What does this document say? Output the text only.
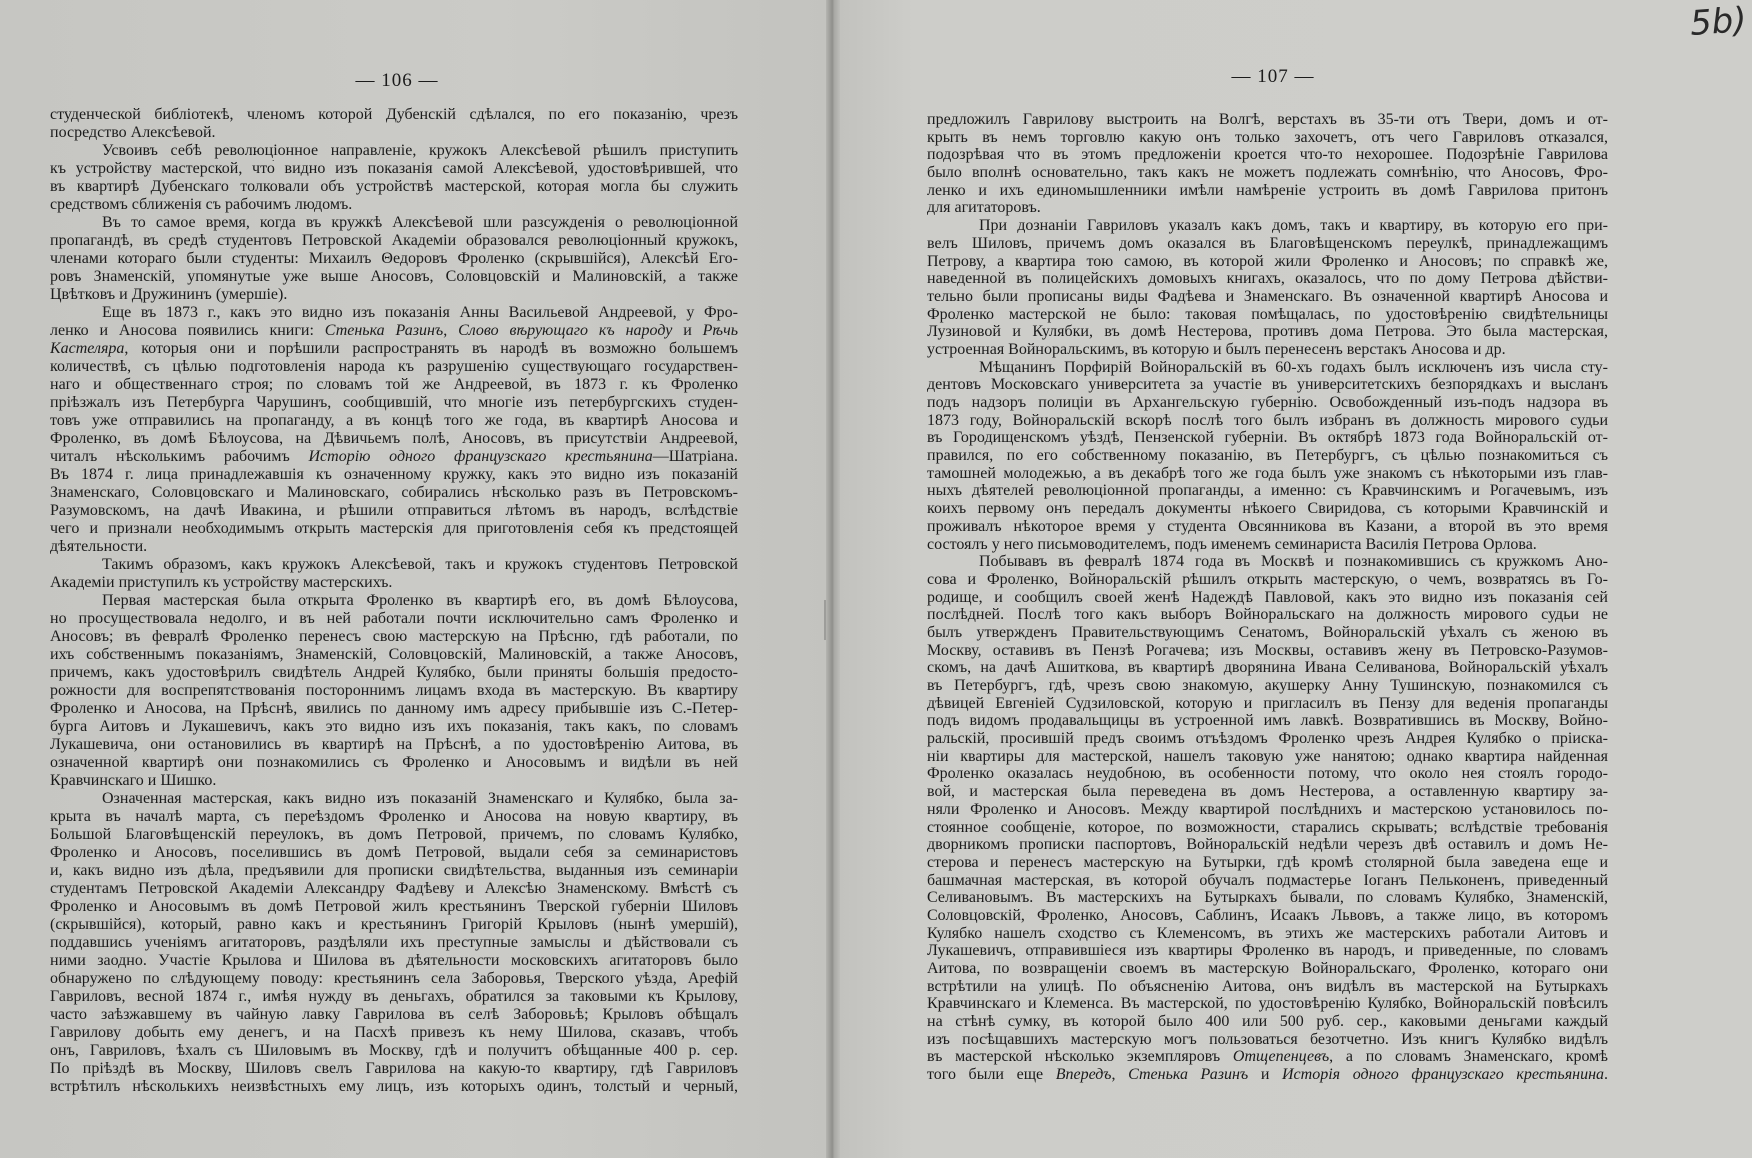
— 106 —
студенческой библіотекѣ, членомъ которой Дубенскій сдѣлался, по его показанію, чрезъ
посредство Алексѣевой.
Усвоивъ себѣ революціонное направленіе, кружокъ Алексѣевой рѣшилъ приступить
къ устройству мастерской, что̀ видно изъ показанія самой Алексѣевой, удостовѣрившей, что
въ квартирѣ Дубенскаго толковали объ устройствѣ мастерской, которая могла бы служить
средствомъ сближенія съ рабочимъ людомъ.
Въ то самое время, когда въ кружкѣ Алексѣевой шли разсужденія о революціонной
пропагандѣ, въ средѣ студентовъ Петровской Академіи образовался революціонный кружокъ,
членами котораго были студенты: Михаилъ Θедоровъ Фроленко (скрывшійся), Алексѣй Его-
ровъ Знаменскій, упомянутые уже выше Аносовъ, Соловцовскій и Малиновскій, а также
Цвѣтковъ и Дружининъ (умершіе).
Еще въ 1873 г., какъ это видно изъ показанія Анны Васильевой Андреевой, у Фро-
ленко и Аносова появились книги: Стенька Разинъ, Слово вѣрующаго къ народу и Рѣчь
Кастеляра, которыя они и порѣшили распространять въ народѣ въ возможно большемъ
количествѣ, съ цѣлью подготовленія народа къ разрушенію существующаго государствен-
наго и общественнаго строя; по словамъ той же Андреевой, въ 1873 г. къ Фроленко
пріѣзжалъ изъ Петербурга Чарушинъ, сообщившій, что многіе изъ петербургскихъ студен-
товъ уже отправились на пропаганду, а въ концѣ того же года, въ квартирѣ Аносова и
Фроленко, въ домѣ Бѣлоусова, на Дѣвичьемъ полѣ, Аносовъ, въ присутствіи Андреевой,
читалъ нѣсколькимъ рабочимъ Исторію одного французскаго крестьянина—Шатріана.
Въ 1874 г. лица принадлежавшія къ означенному кружку, какъ это видно изъ показаній
Знаменскаго, Соловцовскаго и Малиновскаго, собирались нѣсколько разъ въ Петровскомъ-
Разумовскомъ, на дачѣ Ивакина, и рѣшили отправиться лѣтомъ въ народъ, вслѣдствіе
чего и признали необходимымъ открыть мастерскія для приготовленія себя къ предстоящей
дѣятельности.
Такимъ образомъ, какъ кружокъ Алексѣевой, такъ и кружокъ студентовъ Петровской
Академіи приступилъ къ устройству мастерскихъ.
Первая мастерская была открыта Фроленко въ квартирѣ его, въ домѣ Бѣлоусова,
но просуществовала недолго, и въ ней работали почти исключительно самъ Фроленко и
Аносовъ; въ февралѣ Фроленко перенесъ свою мастерскую на Прѣсню, гдѣ работали, по
ихъ собственнымъ показаніямъ, Знаменскій, Соловцовскій, Малиновскій, а также Аносовъ,
причемъ, какъ удостовѣрилъ свидѣтель Андрей Кулябко, были приняты большія предосто-
рожности для воспрепятствованія постороннимъ лицамъ входа въ мастерскую. Въ квартиру
Фроленко и Аносова, на Прѣснѣ, явились по данному имъ адресу прибывшіе изъ С.-Петер-
бурга Аитовъ и Лукашевичъ, какъ это видно изъ ихъ показанія, такъ какъ, по словамъ
Лукашевича, они остановились въ квартирѣ на Прѣснѣ, а по удостовѣренію Аитова, въ
означенной квартирѣ они познакомились съ Фроленко и Аносовымъ и видѣли въ ней
Кравчинскаго и Шишко.
Означенная мастерская, какъ видно изъ показаній Знаменскаго и Кулябко, была за-
крыта въ началѣ марта, съ переѣздомъ Фроленко и Аносова на новую квартиру, въ
Большой Благовѣщенскій переулокъ, въ домъ Петровой, причемъ, по словамъ Кулябко,
Фроленко и Аносовъ, поселившись въ домѣ Петровой, выдали себя за семинаристовъ
и, какъ видно изъ дѣла, предъявили для прописки свидѣтельства, выданныя изъ семинаріи
студентамъ Петровской Академіи Александру Фадѣеву и Алексѣю Знаменскому. Вмѣстѣ съ
Фроленко и Аносовымъ въ домѣ Петровой жилъ крестьянинъ Тверской губерніи Шиловъ
(скрывшійся), который, равно какъ и крестьянинъ Григорій Крыловъ (нынѣ умершій),
поддавшись ученіямъ агитаторовъ, раздѣляли ихъ преступные замыслы и дѣйствовали съ
ними заодно. Участіе Крылова и Шилова въ дѣятельности московскихъ агитаторовъ было
обнаружено по слѣдующему поводу: крестьянинъ села Заборовья, Тверского уѣзда, Арефій
Гавриловъ, весной 1874 г., имѣя нужду въ деньгахъ, обратился за таковыми къ Крылову,
часто заѣзжавшему въ чайную лавку Гаврилова въ селѣ Заборовьѣ; Крыловъ обѣщалъ
Гаврилову добыть ему денегъ, и на Пасхѣ привезъ къ нему Шилова, сказавъ, чтобъ
онъ, Гавриловъ, ѣхалъ съ Шиловымъ въ Москву, гдѣ и получитъ обѣщанные 400 р. сер.
По пріѣздѣ въ Москву, Шиловъ свелъ Гаврилова на какую-то квартиру, гдѣ Гавриловъ
встрѣтилъ нѣсколькихъ неизвѣстныхъ ему лицъ, изъ которыхъ одинъ, толстый и черный,
— 107 —
предложилъ Гаврилову выстроить на Волгѣ, верстахъ въ 35-ти отъ Твери, домъ и от-
крыть въ немъ торговлю какую онъ только захочетъ, отъ чего Гавриловъ отказался,
подозрѣвая что въ этомъ предложеніи кроется что-то нехорошее. Подозрѣніе Гаврилова
было вполнѣ основательно, такъ какъ не можетъ подлежать сомнѣнію, что Аносовъ, Фро-
ленко и ихъ единомышленники имѣли намѣреніе устроить въ домѣ Гаврилова притонъ
для агитаторовъ.
При дознаніи Гавриловъ указалъ какъ домъ, такъ и квартиру, въ которую его при-
велъ Шиловъ, причемъ домъ оказался въ Благовѣщенскомъ переулкѣ, принадлежащимъ
Петрову, а квартира тою самою, въ которой жили Фроленко и Аносовъ; по справкѣ же,
наведенной въ полицейскихъ домовыхъ книгахъ, оказалось, что по дому Петрова дѣйстви-
тельно были прописаны виды Фадѣева и Знаменскаго. Въ означенной квартирѣ Аносова и
Фроленко мастерской не было: таковая помѣщалась, по удостовѣренію свидѣтельницы
Лузиновой и Кулябки, въ домѣ Нестерова, противъ дома Петрова. Это была мастерская,
устроенная Войноральскимъ, въ которую и былъ перенесенъ верстакъ Аносова и др.
Мѣщанинъ Порфирій Войноральскій въ 60-хъ годахъ былъ исключенъ изъ числа сту-
дентовъ Московскаго университета за участіе въ университетскихъ безпорядкахъ и высланъ
подъ надзоръ полиціи въ Архангельскую губернію. Освобожденный изъ-подъ надзора въ
1873 году, Войноральскій вскорѣ послѣ того былъ избранъ въ должность мирового судьи
въ Городищенскомъ уѣздѣ, Пензенской губерніи. Въ октябрѣ 1873 года Войноральскій от-
правился, по его собственному показанію, въ Петербургъ, съ цѣлью познакомиться съ
тамошней молодежью, а въ декабрѣ того же года былъ уже знакомъ съ нѣкоторыми изъ глав-
ныхъ дѣятелей революціонной пропаганды, а именно: съ Кравчинскимъ и Рогачевымъ, изъ
коихъ первому онъ передалъ документы нѣкоего Свиридова, съ которыми Кравчинскій и
проживалъ нѣкоторое время у студента Овсянникова въ Казани, а второй въ это время
состоялъ у него письмоводителемъ, подъ именемъ семинариста Василія Петрова Орлова.
Побывавъ въ февралѣ 1874 года въ Москвѣ и познакомившись съ кружкомъ Ано-
сова и Фроленко, Войноральскій рѣшилъ открыть мастерскую, о чемъ, возвратясь въ Го-
родище, и сообщилъ своей женѣ Надеждѣ Павловой, какъ это видно изъ показанія сей
послѣдней. Послѣ того какъ выборъ Войноральскаго на должность мирового судьи не
былъ утвержденъ Правительствующимъ Сенатомъ, Войноральскій уѣхалъ съ женою въ
Москву, оставивъ въ Пензѣ Рогачева; изъ Москвы, оставивъ жену въ Петровско-Разумов-
скомъ, на дачѣ Ашиткова, въ квартирѣ дворянина Ивана Селиванова, Войноральскій уѣхалъ
въ Петербургъ, гдѣ, чрезъ свою знакомую, акушерку Анну Тушинскую, познакомился съ
дѣвицей Евгеніей Судзиловской, которую и пригласилъ въ Пензу для веденія пропаганды
подъ видомъ продавальщицы въ устроенной имъ лавкѣ. Возвратившись въ Москву, Войно-
ральскій, просившій предъ своимъ отъѣздомъ Фроленко чрезъ Андрея Кулябко о пріиска-
ніи квартиры для мастерской, нашелъ таковую уже нанятою; однако квартира найденная
Фроленко оказалась неудобною, въ особенности потому, что около нея стоялъ городо-
вой, и мастерская была переведена въ домъ Нестерова, а оставленную квартиру за-
няли Фроленко и Аносовъ. Между квартирой послѣднихъ и мастерскою установилось по-
стоянное сообщеніе, которое, по возможности, старались скрывать; вслѣдствіе требованія
дворникомъ прописки паспортовъ, Войноральскій недѣли черезъ двѣ оставилъ и домъ Не-
стерова и перенесъ мастерскую на Бутырки, гдѣ кромѣ столярной была заведена еще и
башмачная мастерская, въ которой обучалъ подмастерье Іоганъ Пельконенъ, приведенный
Селивановымъ. Въ мастерскихъ на Бутыркахъ бывали, по словамъ Кулябко, Знаменскій,
Соловцовскій, Фроленко, Аносовъ, Саблинъ, Исаакъ Львовъ, а также лицо, въ которомъ
Кулябко нашелъ сходство съ Клеменсомъ, въ этихъ же мастерскихъ работали Аитовъ и
Лукашевичъ, отправившіеся изъ квартиры Фроленко въ народъ, и приведенные, по словамъ
Аитова, по возвращеніи своемъ въ мастерскую Войноральскаго, Фроленко, котораго они
встрѣтили на улицѣ. По объясненію Аитова, онъ видѣлъ въ мастерской на Бутыркахъ
Кравчинскаго и Клеменса. Въ мастерской, по удостовѣренію Кулябко, Войноральскій повѣсилъ
на стѣнѣ сумку, въ которой было 400 или 500 руб. сер., каковыми деньгами каждый
изъ посѣщавшихъ мастерскую могъ пользоваться безотчетно. Изъ книгъ Кулябко видѣлъ
въ мастерской нѣсколько экземпляровъ Отщепенцевъ, а по словамъ Знаменскаго, кромѣ
того были еще Впередъ, Стенька Разинъ и Исторія одного французскаго крестьянина.
5b)
